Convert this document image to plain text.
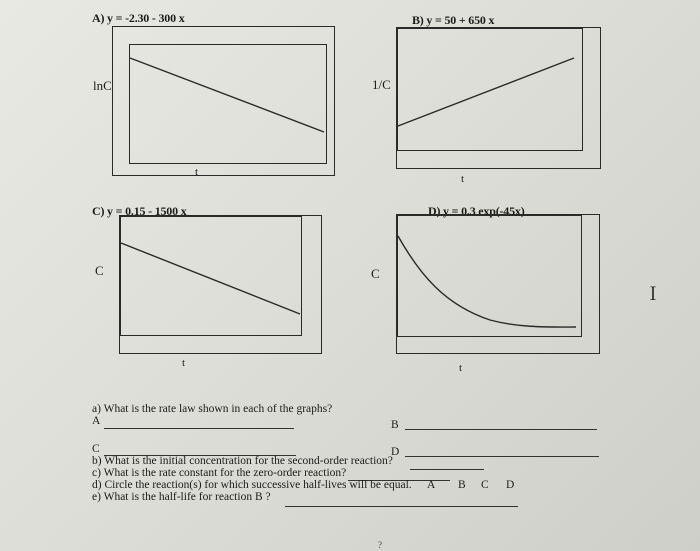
A) y = -2.30 - 300 x
lnC
t
B) y = 50 + 650 x
1/C
t
C) y = 0.15 - 1500 x
C
t
D) y = 0.3 exp(-45x)
C
t
Ｉ
a) What is the rate law shown in each of the graphs?
A	B
C	D
b) What is the initial concentration for the second-order reaction?
c) What is the rate constant for the zero-order reaction?
d) Circle the reaction(s) for which successive half-lives will be equal. A B C D
e) What is the half-life for reaction B ?
?
